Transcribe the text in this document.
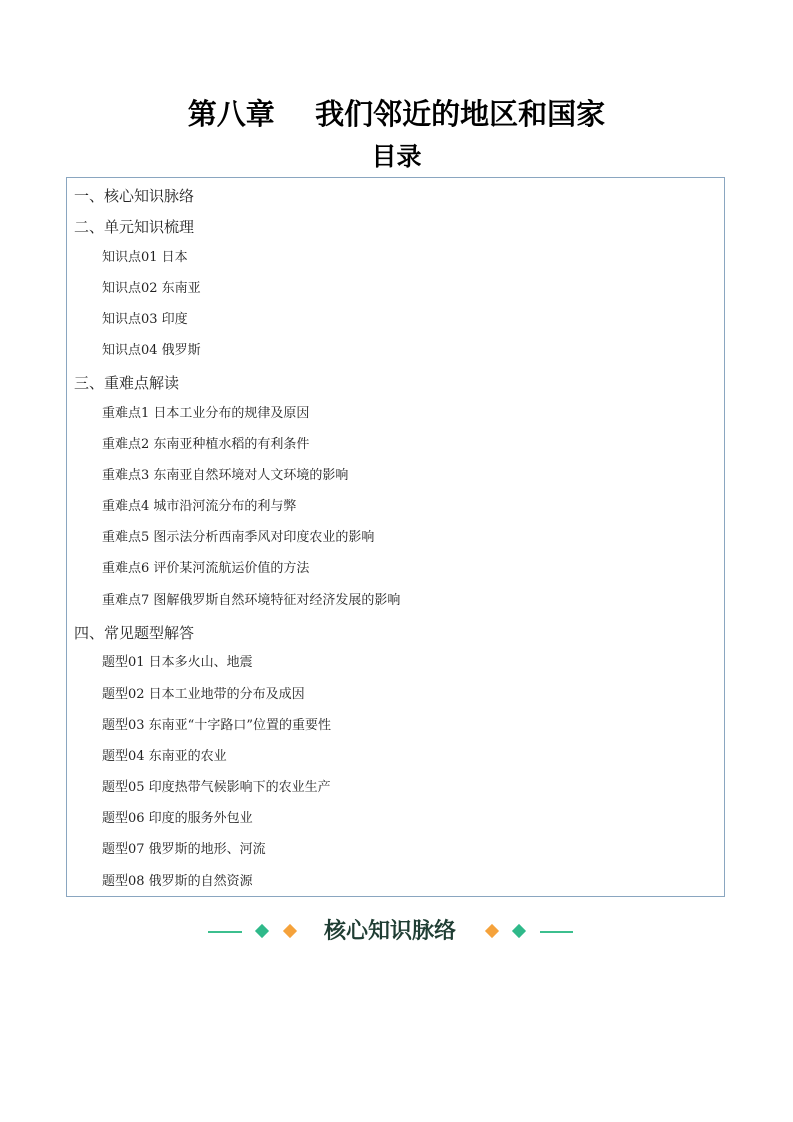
第八章    我们邻近的地区和国家
目录
一、核心知识脉络
二、单元知识梳理
知识点01 日本
知识点02 东南亚
知识点03 印度
知识点04 俄罗斯
三、重难点解读
重难点1 日本工业分布的规律及原因
重难点2 东南亚种植水稻的有利条件
重难点3 东南亚自然环境对人文环境的影响
重难点4 城市沿河流分布的利与弊
重难点5 图示法分析西南季风对印度农业的影响
重难点6 评价某河流航运价值的方法
重难点7 图解俄罗斯自然环境特征对经济发展的影响
四、常见题型解答
题型01 日本多火山、地震
题型02 日本工业地带的分布及成因
题型03 东南亚“十字路口”位置的重要性
题型04 东南亚的农业
题型05 印度热带气候影响下的农业生产
题型06 印度的服务外包业
题型07 俄罗斯的地形、河流
题型08 俄罗斯的自然资源
核心知识脉络
